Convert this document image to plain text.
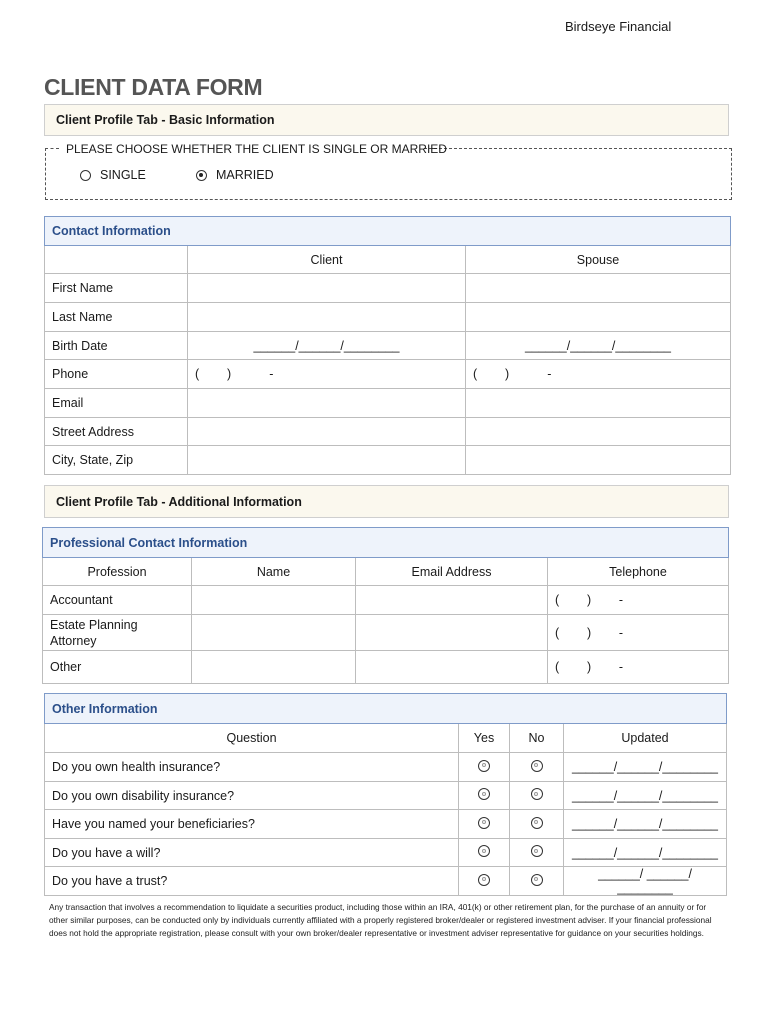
Birdseye Financial
CLIENT DATA FORM
Client Profile Tab - Basic Information
PLEASE CHOOSE WHETHER THE CLIENT IS SINGLE OR MARRIED
SINGLE	MARRIED
Contact Information		
	Client	Spouse
First Name		
Last Name		
Birth Date	______/______/________	______/______/________
Phone	(        )           -	(        )           -
Email		
Street Address		
City, State, Zip		
Client Profile Tab - Additional Information
Professional Contact Information			
Profession	Name	Email Address	Telephone
Accountant			(        )        -
Estate Planning Attorney			(        )        -
Other			(        )        -
Other Information			
Question	Yes	No	Updated
Do you own health insurance?			______/______/________
Do you own disability insurance?			______/______/________
Have you named your beneficiaries?			______/______/________
Do you have a will?			______/______/________
Do you have a trust?			______/ ______/ ________
Any transaction that involves a recommendation to liquidate a securities product, including those within an IRA, 401(k) or other retirement plan, for the purchase of an annuity or for other similar purposes, can be conducted only by individuals currently affiliated with a properly registered broker/dealer or registered investment adviser. If your financial professional does not hold the appropriate registration, please consult with your own broker/dealer representative or investment adviser representative for guidance on your securities holdings.
